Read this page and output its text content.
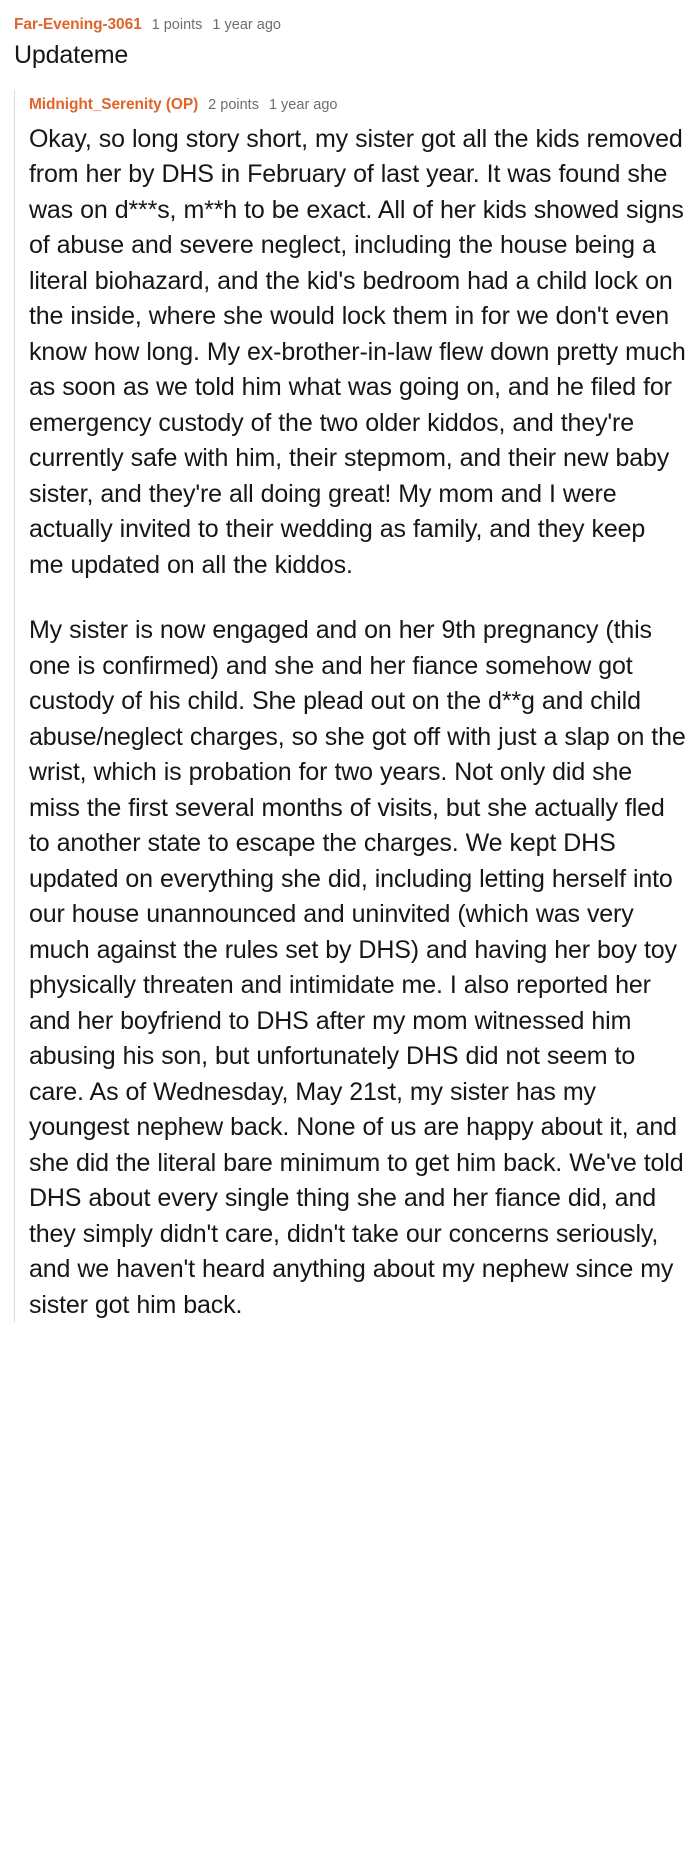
Far-Evening-3061 1 points 1 year ago

Updateme

Midnight_Serenity (OP) 2 points 1 year ago

Okay, so long story short, my sister got all the kids removed from her by DHS in February of last year. It was found she was on d***s, m**h to be exact. All of her kids showed signs of abuse and severe neglect, including the house being a literal biohazard, and the kid's bedroom had a child lock on the inside, where she would lock them in for we don't even know how long. My ex-brother-in-law flew down pretty much as soon as we told him what was going on, and he filed for emergency custody of the two older kiddos, and they're currently safe with him, their stepmom, and their new baby sister, and they're all doing great! My mom and I were actually invited to their wedding as family, and they keep me updated on all the kiddos.

My sister is now engaged and on her 9th pregnancy (this one is confirmed) and she and her fiance somehow got custody of his child. She plead out on the d**g and child abuse/neglect charges, so she got off with just a slap on the wrist, which is probation for two years. Not only did she miss the first several months of visits, but she actually fled to another state to escape the charges. We kept DHS updated on everything she did, including letting herself into our house unannounced and uninvited (which was very much against the rules set by DHS) and having her boy toy physically threaten and intimidate me. I also reported her and her boyfriend to DHS after my mom witnessed him abusing his son, but unfortunately DHS did not seem to care. As of Wednesday, May 21st, my sister has my youngest nephew back. None of us are happy about it, and she did the literal bare minimum to get him back. We've told DHS about every single thing she and her fiance did, and they simply didn't care, didn't take our concerns seriously, and we haven't heard anything about my nephew since my sister got him back.
